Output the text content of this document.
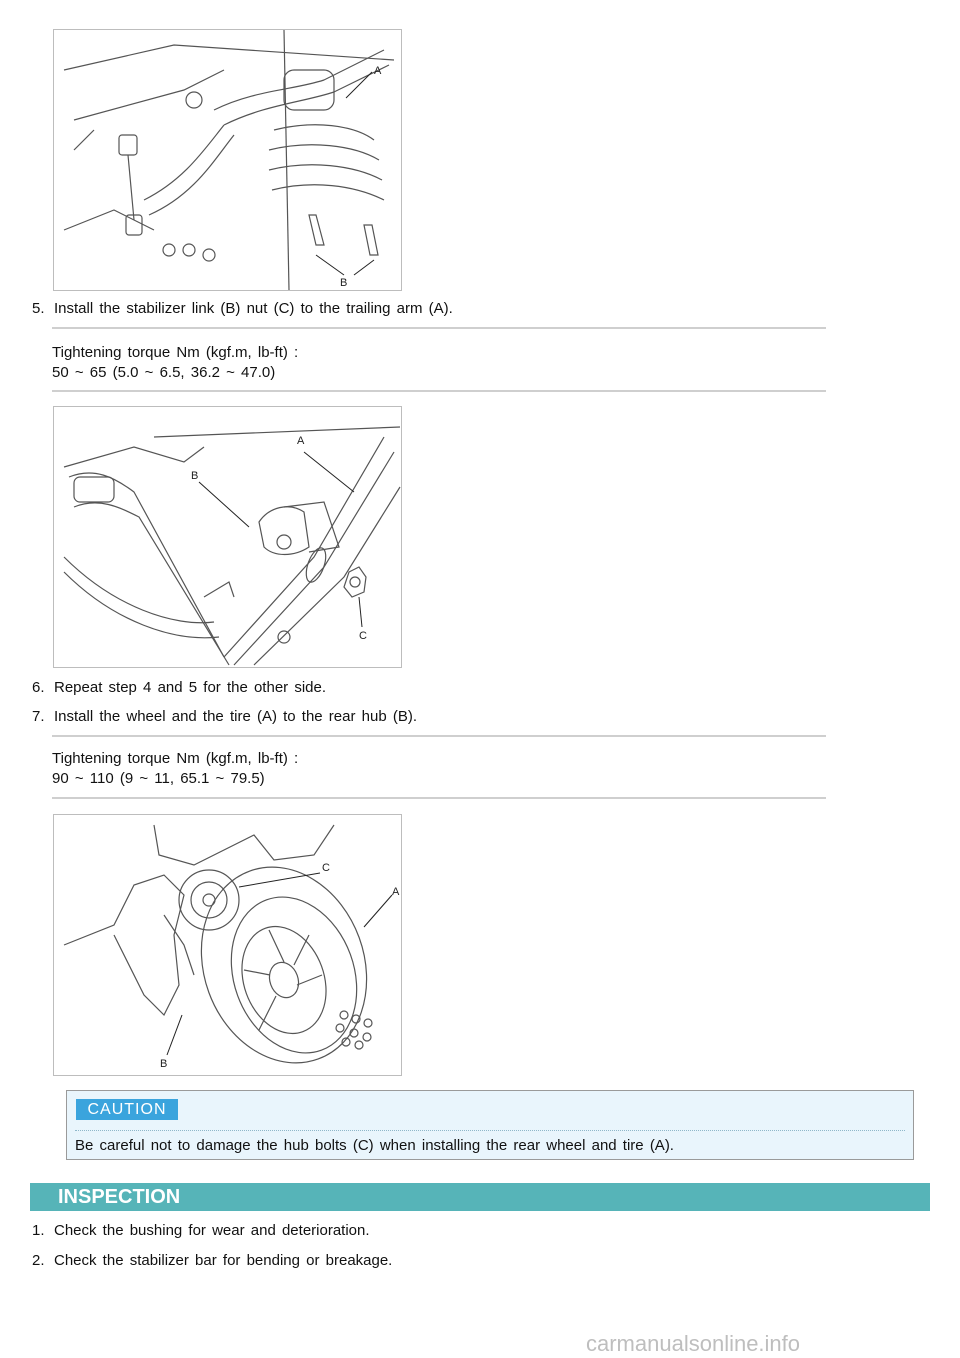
A
B
5. Install the stabilizer link (B) nut (C) to the trailing arm (A).
Tightening torque Nm (kgf.m, lb-ft) :
50 ~ 65 (5.0 ~ 6.5, 36.2 ~ 47.0)
A
B
C
6. Repeat step 4 and 5 for the other side.
7. Install the wheel and the tire (A) to the rear hub (B).
Tightening torque Nm (kgf.m, lb-ft) :
90 ~ 110 (9 ~ 11, 65.1 ~ 79.5)
A
B
C
CAUTION
Be careful not to damage the hub bolts (C) when installing the rear wheel and tire (A).
INSPECTION
1. Check the bushing for wear and deterioration.
2. Check the stabilizer bar for bending or breakage.
carmanualsonline.info
